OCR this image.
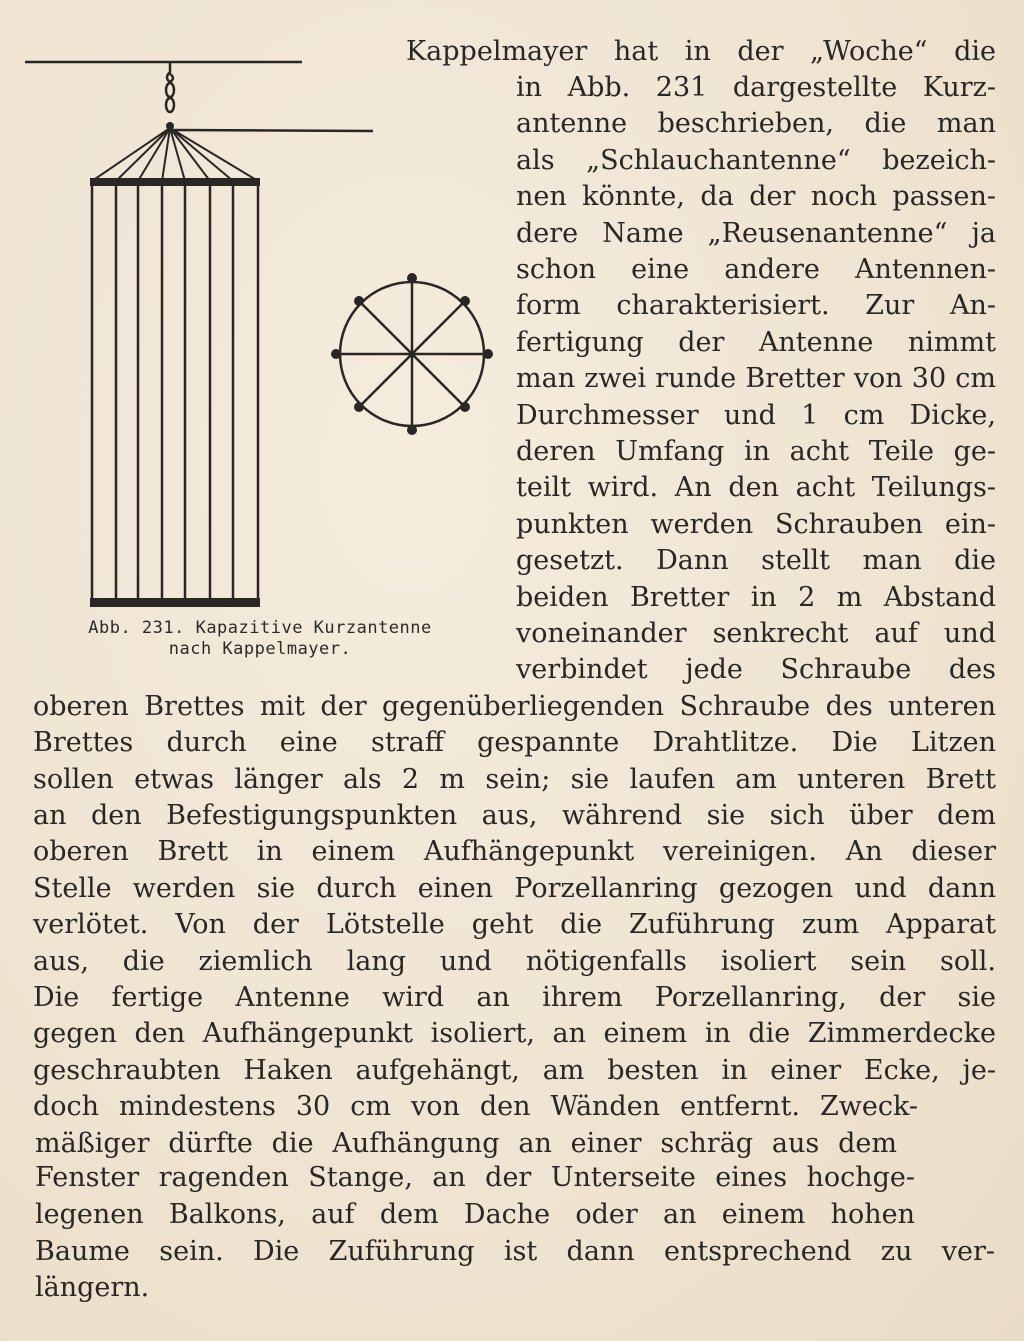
Abb. 231. Kapazitive Kurzantenne
nach Kappelmayer.
Kappelmayer hat in der „Woche“ die
in Abb. 231 dargestellte Kurz-
antenne beschrieben, die man
als „Schlauchantenne“ bezeich-
nen könnte, da der noch passen-
dere Name „Reusenantenne“ ja
schon eine andere Antennen-
form charakterisiert. Zur An-
fertigung der Antenne nimmt
man zwei runde Bretter von 30 cm
Durchmesser und 1 cm Dicke,
deren Umfang in acht Teile ge-
teilt wird. An den acht Teilungs-
punkten werden Schrauben ein-
gesetzt. Dann stellt man die
beiden Bretter in 2 m Abstand
voneinander senkrecht auf und
verbindet jede Schraube des
oberen Brettes mit der gegenüberliegenden Schraube des unteren
Brettes durch eine straff gespannte Drahtlitze. Die Litzen
sollen etwas länger als 2 m sein; sie laufen am unteren Brett
an den Befestigungspunkten aus, während sie sich über dem
oberen Brett in einem Aufhängepunkt vereinigen. An dieser
Stelle werden sie durch einen Porzellanring gezogen und dann
verlötet. Von der Lötstelle geht die Zuführung zum Apparat
aus, die ziemlich lang und nötigenfalls isoliert sein soll.
Die fertige Antenne wird an ihrem Porzellanring, der sie
gegen den Aufhängepunkt isoliert, an einem in die Zimmerdecke
geschraubten Haken aufgehängt, am besten in einer Ecke, je-
doch mindestens 30 cm von den Wänden entfernt. Zweck-
mäßiger dürfte die Aufhängung an einer schräg aus dem
Fenster ragenden Stange, an der Unterseite eines hochge-
legenen Balkons, auf dem Dache oder an einem hohen
Baume sein. Die Zuführung ist dann entsprechend zu ver-
längern.
